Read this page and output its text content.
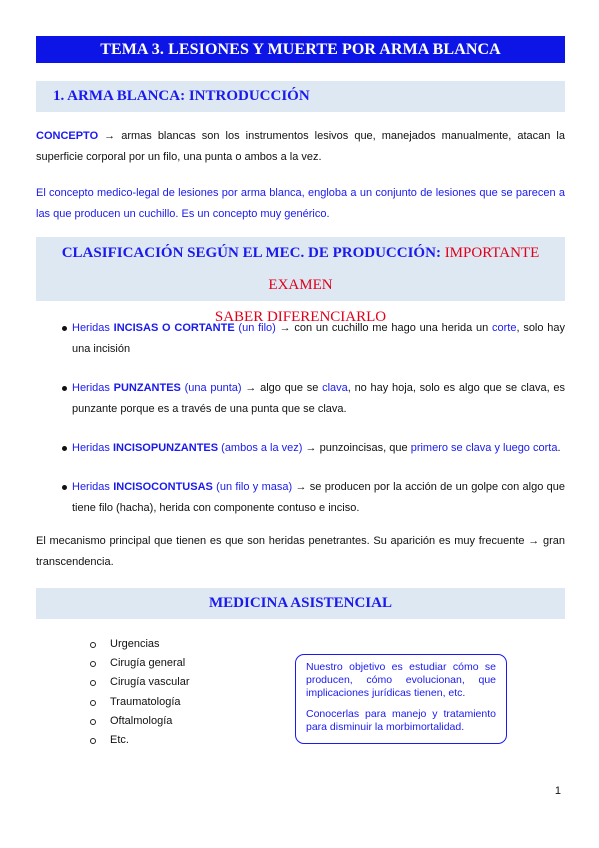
TEMA 3. LESIONES Y MUERTE POR ARMA BLANCA
1. ARMA BLANCA: INTRODUCCIÓN
CONCEPTO → armas blancas son los instrumentos lesivos que, manejados manualmente, atacan la superficie corporal por un filo, una punta o ambos a la vez.
El concepto medico-legal de lesiones por arma blanca, engloba a un conjunto de lesiones que se parecen a las que producen un cuchillo. Es un concepto muy genérico.
CLASIFICACIÓN SEGÚN EL MEC. DE PRODUCCIÓN: IMPORTANTE EXAMEN
SABER DIFERENCIARLO
Heridas INCISAS O CORTANTE (un filo) → con un cuchillo me hago una herida un corte, solo hay una incisión
Heridas PUNZANTES (una punta) → algo que se clava, no hay hoja, solo es algo que se clava, es punzante porque es a través de una punta que se clava.
Heridas INCISOPUNZANTES (ambos a la vez) → punzoincisas, que primero se clava y luego corta.
Heridas INCISOCONTUSAS (un filo y masa) → se producen por la acción de un golpe con algo que tiene filo (hacha), herida con componente contuso e inciso.
El mecanismo principal que tienen es que son heridas penetrantes. Su aparición es muy frecuente → gran transcendencia.
MEDICINA ASISTENCIAL
Urgencias
Cirugía general
Cirugía vascular
Traumatología
Oftalmología
Etc.

Nuestro objetivo es estudiar cómo se producen, cómo evolucionan, que implicaciones jurídicas tienen, etc.

Conocerlas para manejo y tratamiento para disminuir la morbimortalidad.

1
